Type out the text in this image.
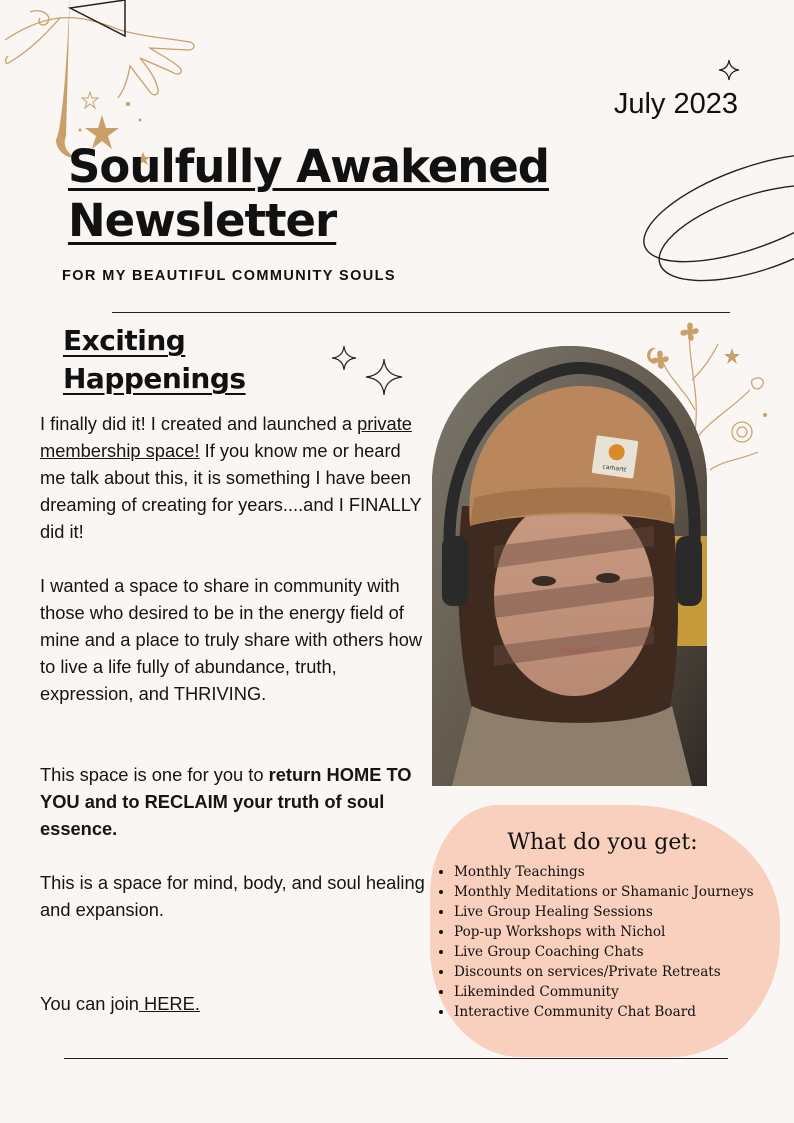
July 2023
Soulfully Awakened
Newsletter
FOR MY BEAUTIFUL COMMUNITY SOULS
Exciting
Happenings
I finally did it! I created and launched a private membership space! If you know me or heard me talk about this, it is something I have been dreaming of creating for years....and I FINALLY did it!
I wanted a space to share in community with those who desired to be in the energy field of mine and a place to truly share with others how to live a life fully of abundance, truth, expression, and THRIVING.
This space is one for you to return HOME TO YOU and to RECLAIM your truth of soul essence.
This is a space for mind, body, and soul healing and expansion.
You can join HERE.
carhartt
What do you get:
• Monthly Teachings
• Monthly Meditations or Shamanic Journeys
• Live Group Healing Sessions
• Pop-up Workshops with Nichol
• Live Group Coaching Chats
• Discounts on services/Private Retreats
• Likeminded Community
• Interactive Community Chat Board
